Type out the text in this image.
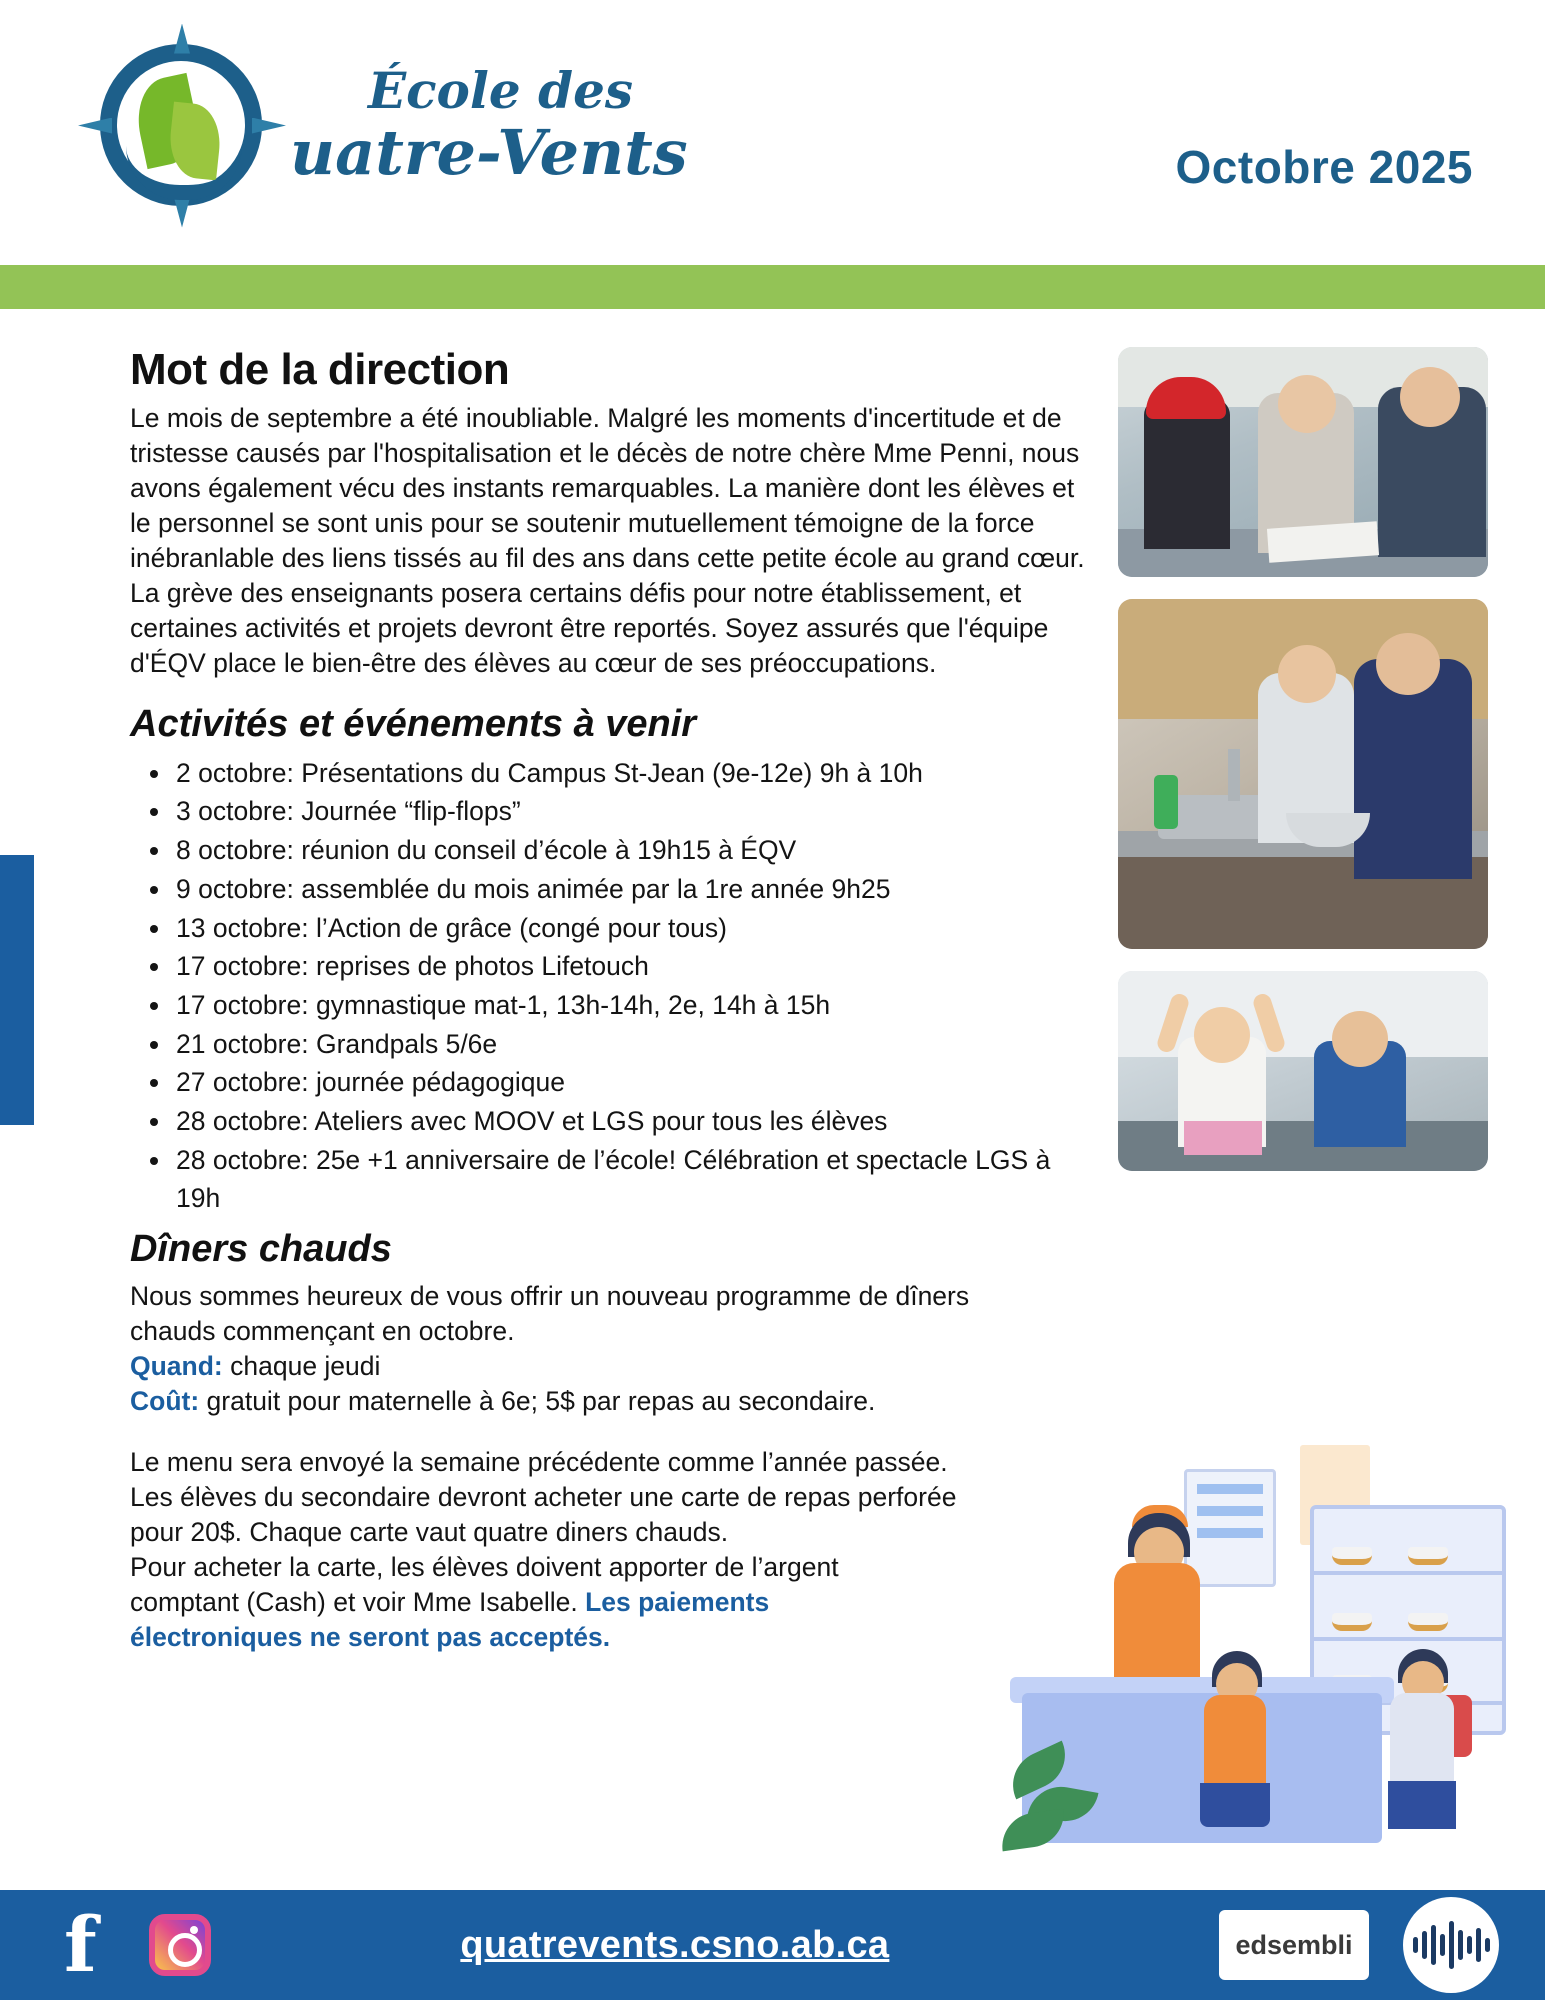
École des
uatre-Vents	Octobre 2025
Mot de la direction

Le mois de septembre a été inoubliable. Malgré les moments d'incertitude et de tristesse causés par l'hospitalisation et le décès de notre chère Mme Penni, nous avons également vécu des instants remarquables. La manière dont les élèves et le personnel se sont unis pour se soutenir mutuellement témoigne de la force inébranlable des liens tissés au fil des ans dans cette petite école au grand cœur.

La grève des enseignants posera certains défis pour notre établissement, et certaines activités et projets devront être reportés. Soyez assurés que l'équipe d'ÉQV place le bien-être des élèves au cœur de ses préoccupations.

Activités et événements à venir
2 octobre: Présentations du Campus St-Jean (9e-12e) 9h à 10h
3 octobre: Journée “flip-flops”
8 octobre: réunion du conseil d’école à 19h15 à ÉQV
9 octobre: assemblée du mois animée par la 1re année 9h25
13 octobre: l’Action de grâce (congé pour tous)
17 octobre: reprises de photos Lifetouch
17 octobre: gymnastique mat-1, 13h-14h, 2e, 14h à 15h
21 octobre: Grandpals 5/6e
27 octobre: journée pédagogique
28 octobre: Ateliers avec MOOV et LGS pour tous les élèves
28 octobre: 25e +1 anniversaire de l’école! Célébration et spectacle LGS à 19h
Dîners chauds

Nous sommes heureux de vous offrir un nouveau programme de dîners chauds commençant en octobre.

Quand: chaque jeudi

Coût: gratuit pour maternelle à 6e; 5$ par repas au secondaire.

Le menu sera envoyé la semaine précédente comme l’année passée.

Les élèves du secondaire devront acheter une carte de repas perforée pour 20$. Chaque carte vaut quatre diners chauds.

Pour acheter la carte, les élèves doivent apporter de l’argent comptant (Cash) et voir Mme Isabelle. Les paiements électroniques ne seront pas acceptés.

f	quatrevents.csno.ab.ca	edsembli
